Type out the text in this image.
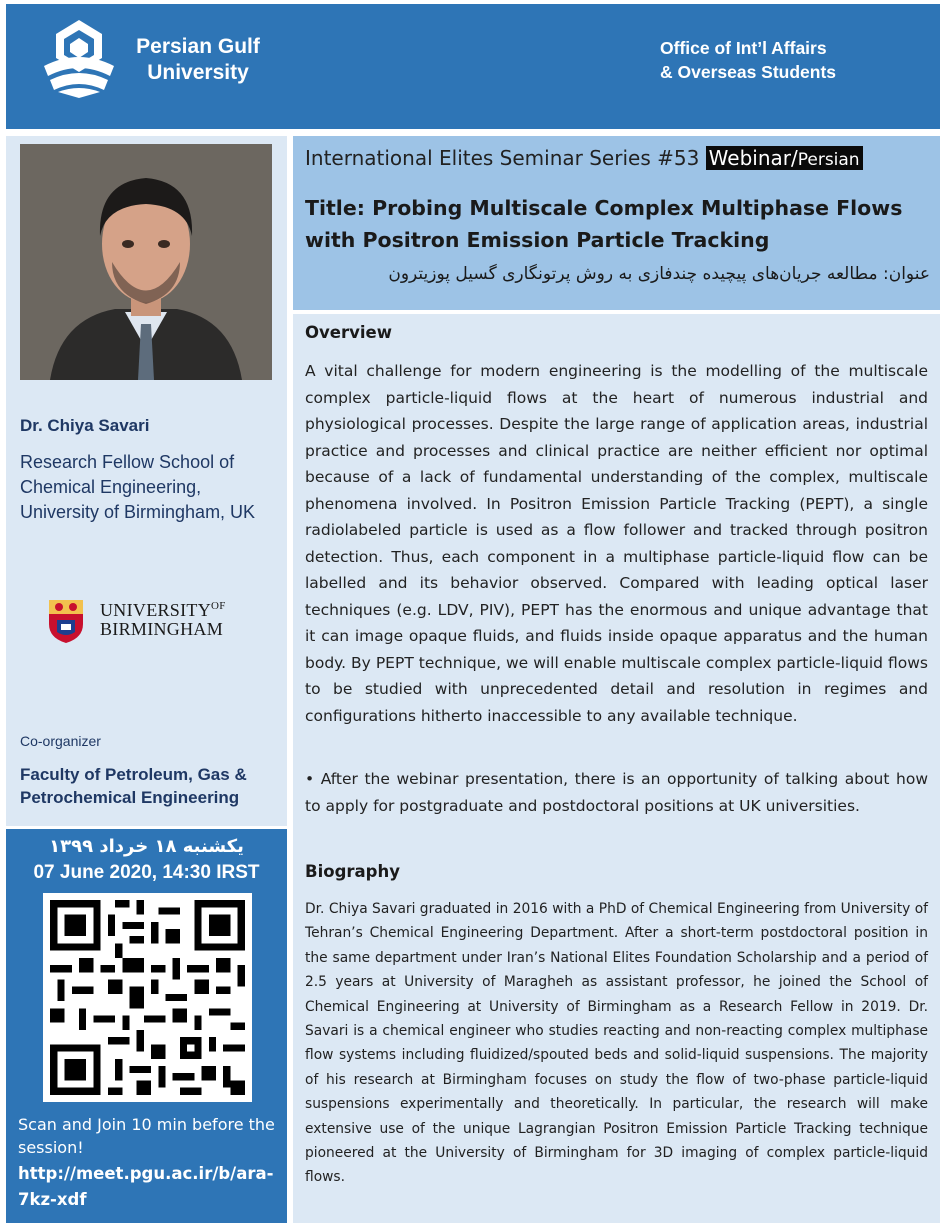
Persian Gulf
University
Office of Int’l Affairs
& Overseas Students
Dr. Chiya Savari
Research Fellow School of Chemical Engineering, University of Birmingham, UK
$UNIVERSITY^{OF}$
BIRMINGHAM
Co-organizer
Faculty of Petroleum, Gas & Petrochemical Engineering
یکشنبه ۱۸ خرداد ۱۳۹۹
07 June 2020, 14:30 IRST
Scan and Join 10 min before the session!
http://meet.pgu.ac.ir/b/ara-7kz-xdf
International Elites Seminar Series #53 Webinar/Persian
Title: Probing Multiscale Complex Multiphase Flows with Positron Emission Particle Tracking
عنوان: مطالعه جریان‌های پیچیده چندفازی به روش پرتونگاری گسیل پوزیترون
Overview
A vital challenge for modern engineering is the modelling of the multiscale complex particle-liquid flows at the heart of numerous industrial and physiological processes. Despite the large range of application areas, industrial practice and processes and clinical practice are neither efficient nor optimal because of a lack of fundamental understanding of the complex, multiscale phenomena involved. In Positron Emission Particle Tracking (PEPT), a single radiolabeled particle is used as a flow follower and tracked through positron detection. Thus, each component in a multiphase particle-liquid flow can be labelled and its behavior observed. Compared with leading optical laser techniques (e.g. LDV, PIV), PEPT has the enormous and unique advantage that it can image opaque fluids, and fluids inside opaque apparatus and the human body. By PEPT technique, we will enable multiscale complex particle-liquid flows to be studied with unprecedented detail and resolution in regimes and configurations hitherto inaccessible to any available technique.
• After the webinar presentation, there is an opportunity of talking about how to apply for postgraduate and postdoctoral positions at UK universities.
Biography
Dr. Chiya Savari graduated in 2016 with a PhD of Chemical Engineering from University of Tehran’s Chemical Engineering Department. After a short-term postdoctoral position in the same department under Iran’s National Elites Foundation Scholarship and a period of 2.5 years at University of Maragheh as assistant professor, he joined the School of Chemical Engineering at University of Birmingham as a Research Fellow in 2019. Dr. Savari is a chemical engineer who studies reacting and non-reacting complex multiphase flow systems including fluidized/spouted beds and solid-liquid suspensions. The majority of his research at Birmingham focuses on study the flow of two-phase particle-liquid suspensions experimentally and theoretically. In particular, the research will make extensive use of the unique Lagrangian Positron Emission Particle Tracking technique pioneered at the University of Birmingham for 3D imaging of complex particle-liquid flows.
